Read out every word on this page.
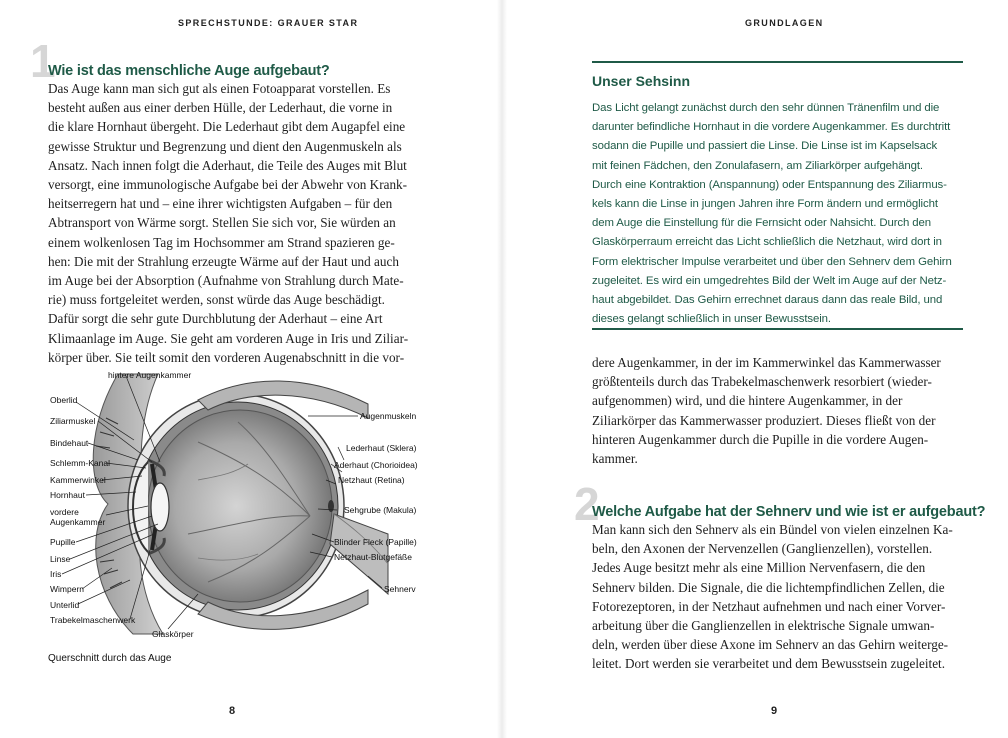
SPRECHSTUNDE: GRAUER STAR
1
Wie ist das menschliche Auge aufgebaut?
Das Auge kann man sich gut als einen Fotoapparat vorstellen. Es
besteht außen aus einer derben Hülle, der Lederhaut, die vorne in
die klare Hornhaut übergeht. Die Lederhaut gibt dem Augapfel eine
gewisse Struktur und Begrenzung und dient den Augenmuskeln als
Ansatz. Nach innen folgt die Aderhaut, die Teile des Auges mit Blut
versorgt, eine immunologische Aufgabe bei der Abwehr von Krank-
heitserregern hat und – eine ihrer wichtigsten Aufgaben – für den
Abtransport von Wärme sorgt. Stellen Sie sich vor, Sie würden an
einem wolkenlosen Tag im Hochsommer am Strand spazieren ge-
hen: Die mit der Strahlung erzeugte Wärme auf der Haut und auch
im Auge bei der Absorption (Aufnahme von Strahlung durch Mate-
rie) muss fortgeleitet werden, sonst würde das Auge beschädigt.
Dafür sorgt die sehr gute Durchblutung der Aderhaut – eine Art
Klimaanlage im Auge. Sie geht am vorderen Auge in Iris und Ziliar-
körper über. Sie teilt somit den vorderen Augenabschnitt in die vor-
hintere Augenkammer
Oberlid
Ziliarmuskel
Bindehaut
Schlemm-Kanal
Kammerwinkel
Hornhaut
vordere
Augenkammer
Pupille
Linse
Iris
Wimpern
Unterlid
Trabekelmaschenwerk
Glaskörper
Augenmuskeln
Lederhaut (Sklera)
Aderhaut (Chorioidea)
Netzhaut (Retina)
Sehgrube (Makula)
Blinder Fleck (Papille)
Netzhaut-Blutgefäße
Sehnerv
Querschnitt durch das Auge
8
GRUNDLAGEN
Unser Sehsinn
Das Licht gelangt zunächst durch den sehr dünnen Tränenfilm und die
darunter befindliche Hornhaut in die vordere Augenkammer. Es durchtritt
sodann die Pupille und passiert die Linse. Die Linse ist im Kapselsack
mit feinen Fädchen, den Zonulafasern, am Ziliarkörper aufgehängt.
Durch eine Kontraktion (Anspannung) oder Entspannung des Ziliarmus-
kels kann die Linse in jungen Jahren ihre Form ändern und ermöglicht
dem Auge die Einstellung für die Fernsicht oder Nahsicht. Durch den
Glaskörperraum erreicht das Licht schließlich die Netzhaut, wird dort in
Form elektrischer Impulse verarbeitet und über den Sehnerv dem Gehirn
zugeleitet. Es wird ein umgedrehtes Bild der Welt im Auge auf der Netz-
haut abgebildet. Das Gehirn errechnet daraus dann das reale Bild, und
dieses gelangt schließlich in unser Bewusstsein.
dere Augenkammer, in der im Kammerwinkel das Kammerwasser
größtenteils durch das Trabekelmaschenwerk resorbiert (wieder-
aufgenommen) wird, und die hintere Augenkammer, in der
Ziliarkörper das Kammerwasser produziert. Dieses fließt von der
hinteren Augenkammer durch die Pupille in die vordere Augen-
kammer.
2
Welche Aufgabe hat der Sehnerv und wie ist er aufgebaut?
Man kann sich den Sehnerv als ein Bündel von vielen einzelnen Ka-
beln, den Axonen der Nervenzellen (Ganglienzellen), vorstellen.
Jedes Auge besitzt mehr als eine Million Nervenfasern, die den
Sehnerv bilden. Die Signale, die die lichtempfindlichen Zellen, die
Fotorezeptoren, in der Netzhaut aufnehmen und nach einer Vorver-
arbeitung über die Ganglienzellen in elektrische Signale umwan-
deln, werden über diese Axone im Sehnerv an das Gehirn weiterge-
leitet. Dort werden sie verarbeitet und dem Bewusstsein zugeleitet.
9
